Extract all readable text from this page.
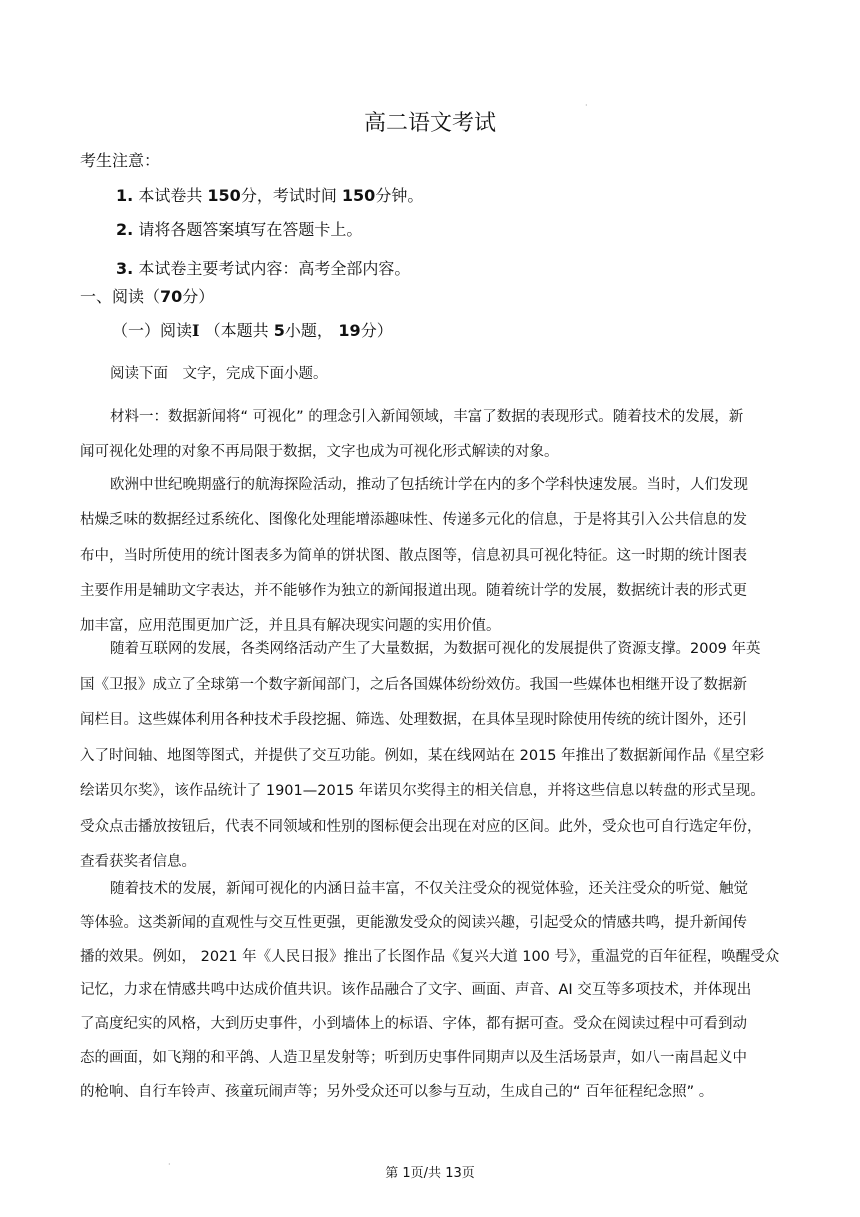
高二语文考试
考生注意：
1. 本试卷共 150分，考试时间 150分钟。
2. 请将各题答案填写在答题卡上。
3. 本试卷主要考试内容：高考全部内容。
一、阅读（70分）
（一）阅读I （本题共 5小题， 19分）
阅读下面　文字，完成下面小题。
材料一：数据新闻将“ 可视化” 的理念引入新闻领域，丰富了数据的表现形式。随着技术的发展，新
闻可视化处理的对象不再局限于数据，文字也成为可视化形式解读的对象。
欧洲中世纪晚期盛行的航海探险活动，推动了包括统计学在内的多个学科快速发展。当时，人们发现
枯燥乏味的数据经过系统化、图像化处理能增添趣味性、传递多元化的信息，于是将其引入公共信息的发
布中，当时所使用的统计图表多为简单的饼状图、散点图等，信息初具可视化特征。这一时期的统计图表
主要作用是辅助文字表达，并不能够作为独立的新闻报道出现。随着统计学的发展，数据统计表的形式更
加丰富，应用范围更加广泛，并且具有解决现实问题的实用价值。
随着互联网的发展，各类网络活动产生了大量数据，为数据可视化的发展提供了资源支撑。2009 年英
国《卫报》成立了全球第一个数字新闻部门，之后各国媒体纷纷效仿。我国一些媒体也相继开设了数据新
闻栏目。这些媒体利用各种技术手段挖掘、筛选、处理数据，在具体呈现时除使用传统的统计图外，还引
入了时间轴、地图等图式，并提供了交互功能。例如，某在线网站在 2015 年推出了数据新闻作品《星空彩
绘诺贝尔奖》，该作品统计了 1901—2015 年诺贝尔奖得主的相关信息，并将这些信息以转盘的形式呈现。
受众点击播放按钮后，代表不同领域和性别的图标便会出现在对应的区间。此外，受众也可自行选定年份，
查看获奖者信息。
随着技术的发展，新闻可视化的内涵日益丰富，不仅关注受众的视觉体验，还关注受众的听觉、触觉
等体验。这类新闻的直观性与交互性更强，更能激发受众的阅读兴趣，引起受众的情感共鸣，提升新闻传
播的效果。例如， 2021 年《人民日报》推出了长图作品《复兴大道 100 号》，重温党的百年征程，唤醒受众
记忆，力求在情感共鸣中达成价值共识。该作品融合了文字、画面、声音、AI 交互等多项技术，并体现出
了高度纪实的风格，大到历史事件，小到墙体上的标语、字体，都有据可查。受众在阅读过程中可看到动
态的画面，如飞翔的和平鸽、人造卫星发射等；听到历史事件同期声以及生活场景声，如八一南昌起义中
的枪响、自行车铃声、孩童玩闹声等；另外受众还可以参与互动，生成自己的“ 百年征程纪念照” 。
·
·
第 1页/共 13页
